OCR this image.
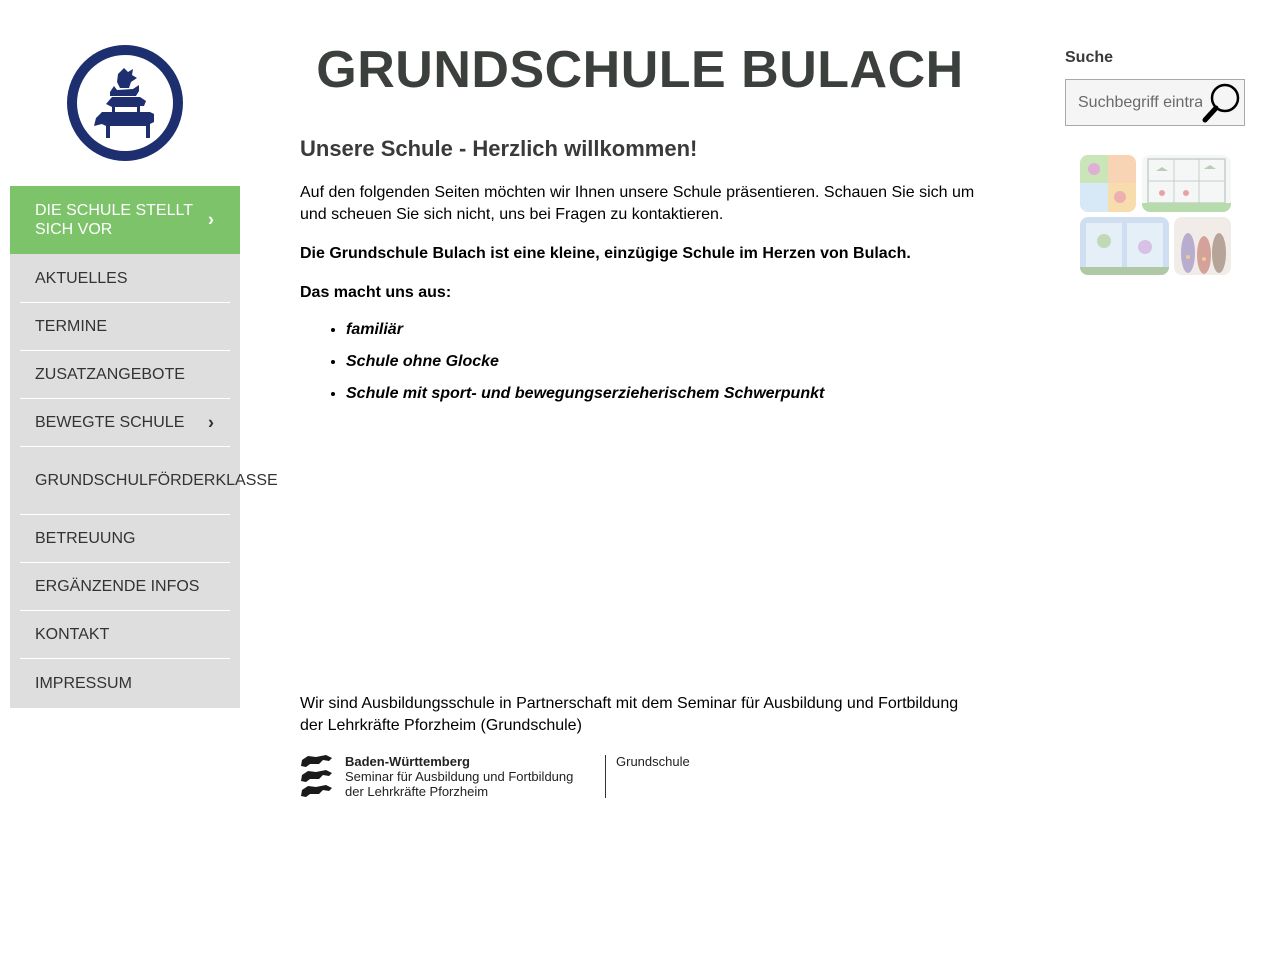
DIE SCHULE STELLT SICH VOR	›
AKTUELLES
TERMINE
ZUSATZANGEBOTE
BEWEGTE SCHULE	›
GRUNDSCHULFÖRDERKLASSE
BETREUUNG
ERGÄNZENDE INFOS
KONTAKT
IMPRESSUM
GRUNDSCHULE BULACH
Unsere Schule - Herzlich willkommen!

Auf den folgenden Seiten möchten wir Ihnen unsere Schule präsentieren. Schauen Sie sich um und scheuen Sie sich nicht, uns bei Fragen zu kontaktieren.

Die Grundschule Bulach ist eine kleine, einzügige Schule im Herzen von Bulach.

Das macht uns aus:

• familiär
• Schule ohne Glocke
• Schule mit sport- und bewegungserzieherischem Schwerpunkt

Wir sind Ausbildungsschule in Partnerschaft mit dem Seminar für Ausbildung und Fortbildung der Lehrkräfte Pforzheim (Grundschule)

Baden-Württemberg
Seminar für Ausbildung und Fortbildung
der Lehrkräfte Pforzheim
Grundschule
Suche
Suchbegriff eintragen
